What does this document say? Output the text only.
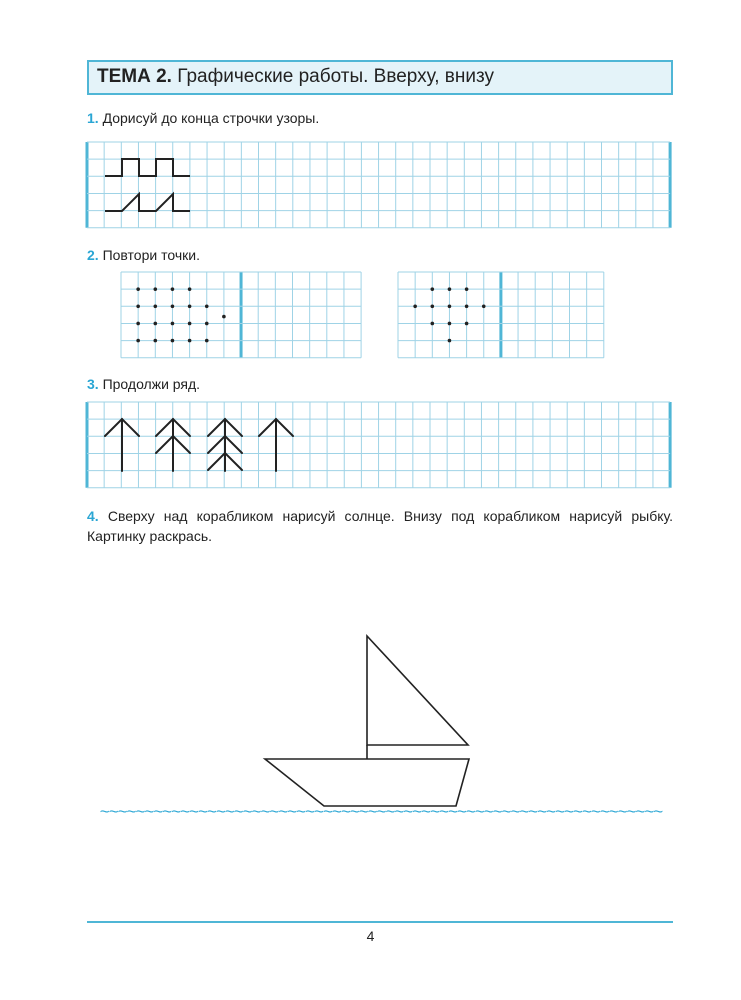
ТЕМА 2. Графические работы. Вверху, внизу
1. Дорисуй до конца строчки узоры.
2. Повтори точки.
3. Продолжи ряд.
4. Сверху над корабликом нарисуй солнце. Внизу под корабликом нарисуй рыбку. Картинку раскрась.
~~~~~~~~~~~~~~~~~~~~~~~~~~~~~~~~~~~~~~~~~~~~~~~~~~~~~~~~~~~~~~~
4
